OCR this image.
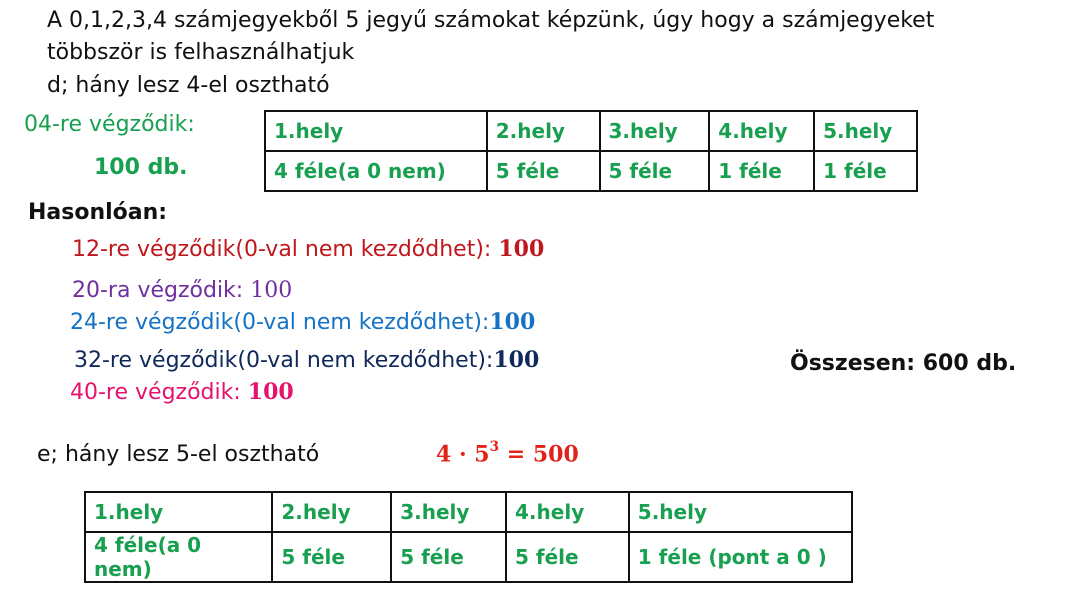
A 0,1,2,3,4 számjegyekből 5 jegyű számokat képzünk, úgy hogy a számjegyeket
többször is felhasználhatjuk
d; hány lesz 4-el osztható
04-re végződik:
100 db.
1.hely	2.hely	3.hely	4.hely	5.hely
4 féle(a 0 nem)	5 féle	5 féle	1 féle	1 féle
Hasonlóan:
12-re végződik(0-val nem kezdődhet): 100
20-ra végződik: 100
24-re végződik(0-val nem kezdődhet):100
32-re végződik(0-val nem kezdődhet):100
40-re végződik: 100
Összesen: 600 db.
e; hány lesz 5-el osztható	$4 \cdot 5^3 = 500$
1.hely	2.hely	3.hely	4.hely	5.hely
4 féle(a 0 nem)	5 féle	5 féle	5 féle	1 féle (pont a 0 )
